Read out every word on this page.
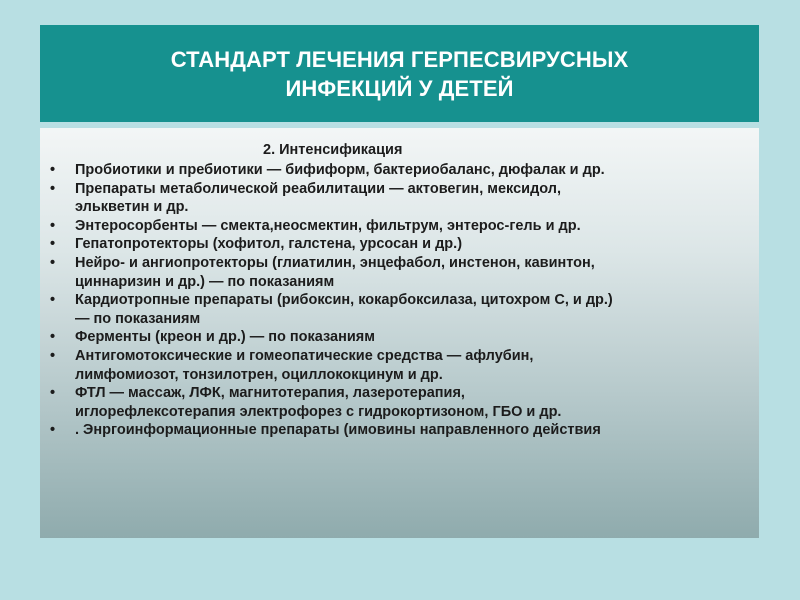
СТАНДАРТ ЛЕЧЕНИЯ ГЕРПЕСВИРУСНЫХ
ИНФЕКЦИЙ У ДЕТЕЙ

2. Интенсификация

• Пробиотики и пребиотики — бифиформ, бактериобаланс, дюфалак и др.
• Препараты метаболической реабилитации — актовегин, мексидол,
элькветин и др.
• Энтеросорбенты — смекта,неосмектин, фильтрум, энтерос-гель и др.
• Гепатопротекторы (хофитол, галстена, урсосан и др.)
• Нейро- и ангиопротекторы (глиатилин, энцефабол, инстенон, кавинтон,
циннаризин и др.) — по показаниям
• Кардиотропные препараты (рибоксин, кокарбоксилаза, цитохром С, и др.)
— по показаниям
• Ферменты (креон и др.) — по показаниям
• Антигомотоксические и гомеопатические средства — афлубин,
лимфомиозот, тонзилотрен, оциллококцинум и др.
• ФТЛ — массаж, ЛФК, магнитотерапия, лазеротерапия,
иглорефлексотерапия электрофорез с гидрокортизоном, ГБО и др.
• . Энргоинформационные препараты (имовины направленного действия
